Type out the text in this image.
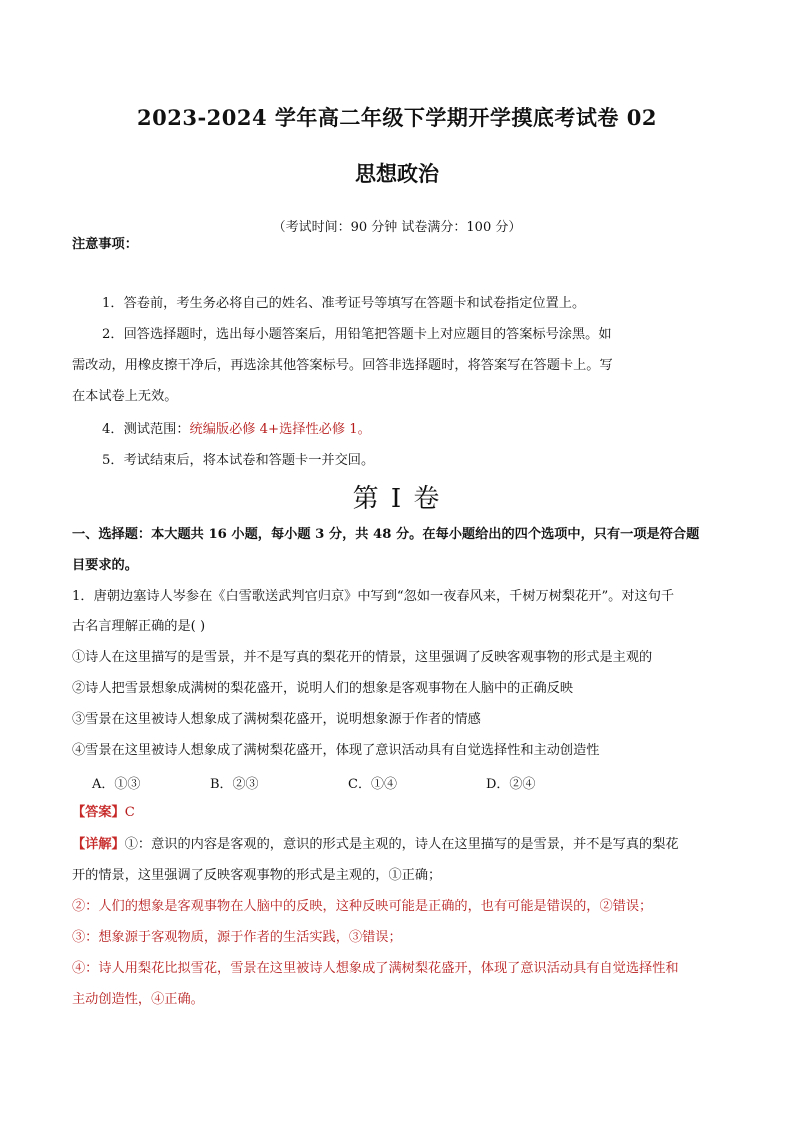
2023-2024 学年高二年级下学期开学摸底考试卷 02
思想政治
（考试时间：90 分钟 试卷满分：100 分）
注意事项：
1．答卷前，考生务必将自己的姓名、准考证号等填写在答题卡和试卷指定位置上。
2．回答选择题时，选出每小题答案后，用铅笔把答题卡上对应题目的答案标号涂黑。如
需改动，用橡皮擦干净后，再选涂其他答案标号。回答非选择题时，将答案写在答题卡上。写
在本试卷上无效。
4．测试范围：统编版必修 4+选择性必修 1。
5．考试结束后，将本试卷和答题卡一并交回。
第 I 卷
一、选择题：本大题共 16 小题，每小题 3 分，共 48 分。在每小题给出的四个选项中，只有一项是符合题
目要求的。
1．唐朝边塞诗人岑参在《白雪歌送武判官归京》中写到“忽如一夜春风来，千树万树梨花开”。对这句千
古名言理解正确的是( )
①诗人在这里描写的是雪景，并不是写真的梨花开的情景，这里强调了反映客观事物的形式是主观的
②诗人把雪景想象成满树的梨花盛开，说明人们的想象是客观事物在人脑中的正确反映
③雪景在这里被诗人想象成了满树梨花盛开，说明想象源于作者的情感
④雪景在这里被诗人想象成了满树梨花盛开，体现了意识活动具有自觉选择性和主动创造性
A．①③	B．②③	C．①④	D．②④
【答案】C
【详解】①：意识的内容是客观的，意识的形式是主观的，诗人在这里描写的是雪景，并不是写真的梨花
开的情景，这里强调了反映客观事物的形式是主观的，①正确；
②：人们的想象是客观事物在人脑中的反映，这种反映可能是正确的，也有可能是错误的，②错误；
③：想象源于客观物质，源于作者的生活实践，③错误；
④：诗人用梨花比拟雪花，雪景在这里被诗人想象成了满树梨花盛开，体现了意识活动具有自觉选择性和
主动创造性，④正确。
